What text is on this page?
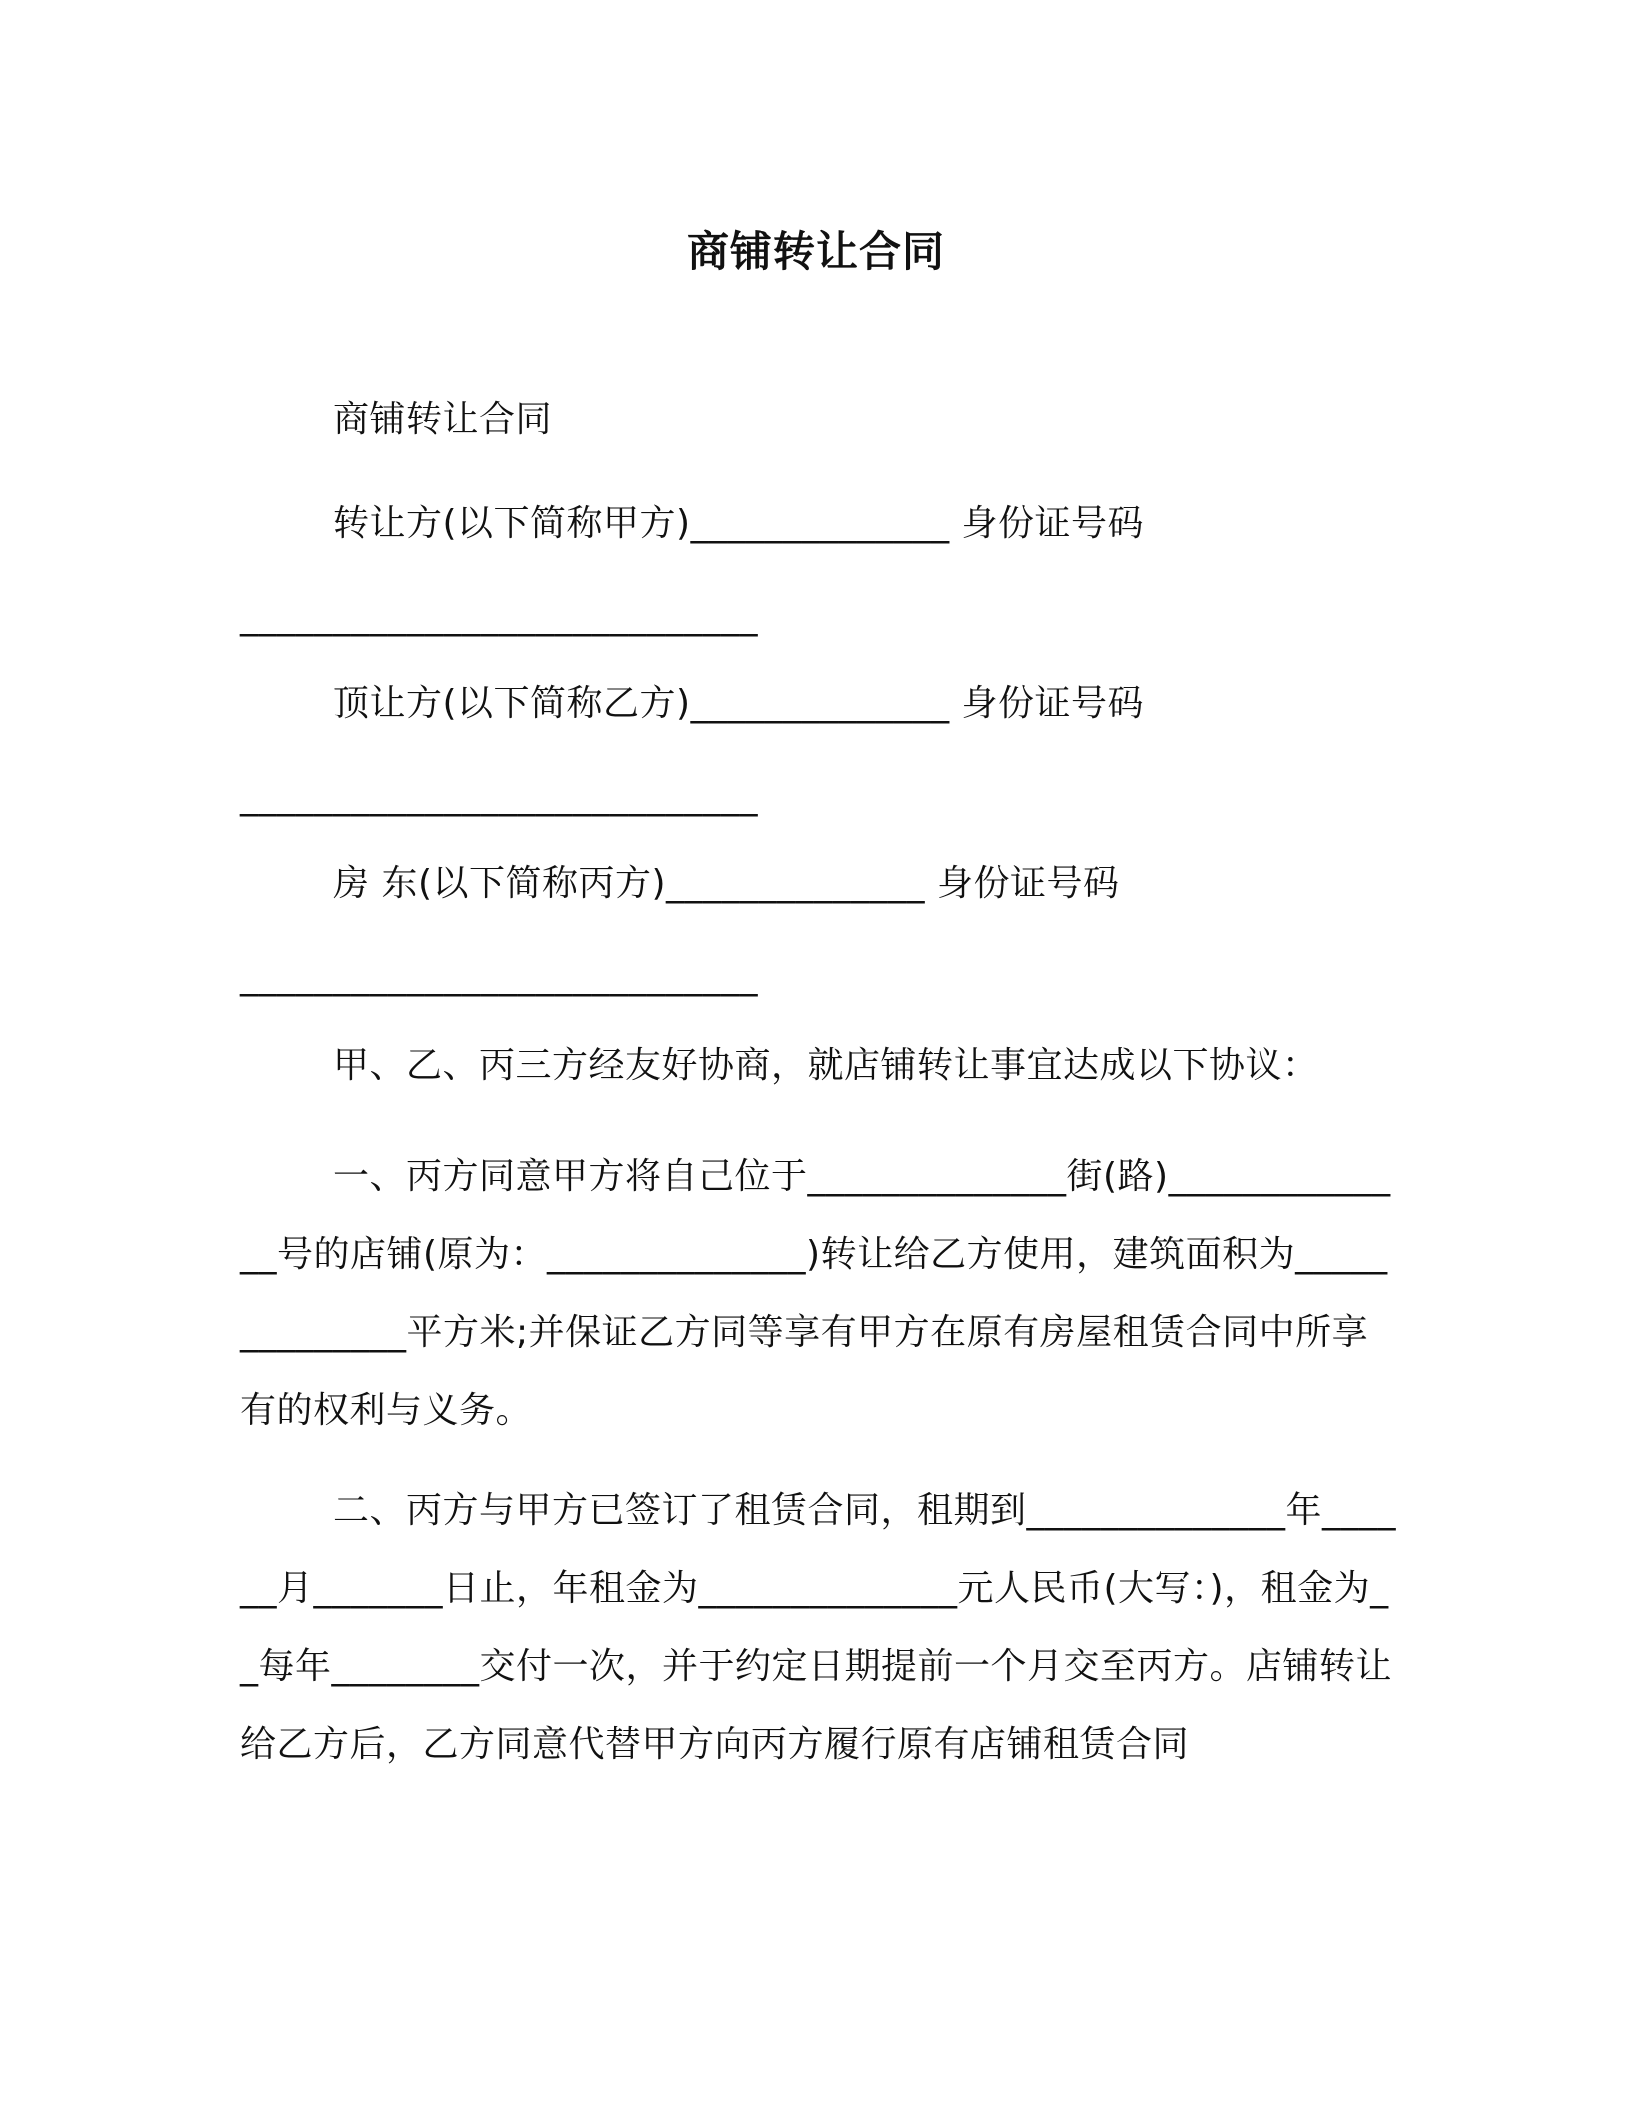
商铺转让合同
商铺转让合同
转让方(以下简称甲方)______________ 身份证号码
____________________________
顶让方(以下简称乙方)______________ 身份证号码
____________________________
房 东(以下简称丙方)______________ 身份证号码
____________________________
甲、乙、丙三方经友好协商，就店铺转让事宜达成以下协议：
一、丙方同意甲方将自己位于______________街(路)______________号的店铺(原为：______________)转让给乙方使用，建筑面积为______________平方米;并保证乙方同等享有甲方在原有房屋租赁合同中所享有的权利与义务。
二、丙方与甲方已签订了租赁合同，租期到______________年______月_______日止，年租金为______________元人民币(大写：)，租金为__每年________交付一次，并于约定日期提前一个月交至丙方。店铺转让给乙方后，乙方同意代替甲方向丙方履行原有店铺租赁合同
